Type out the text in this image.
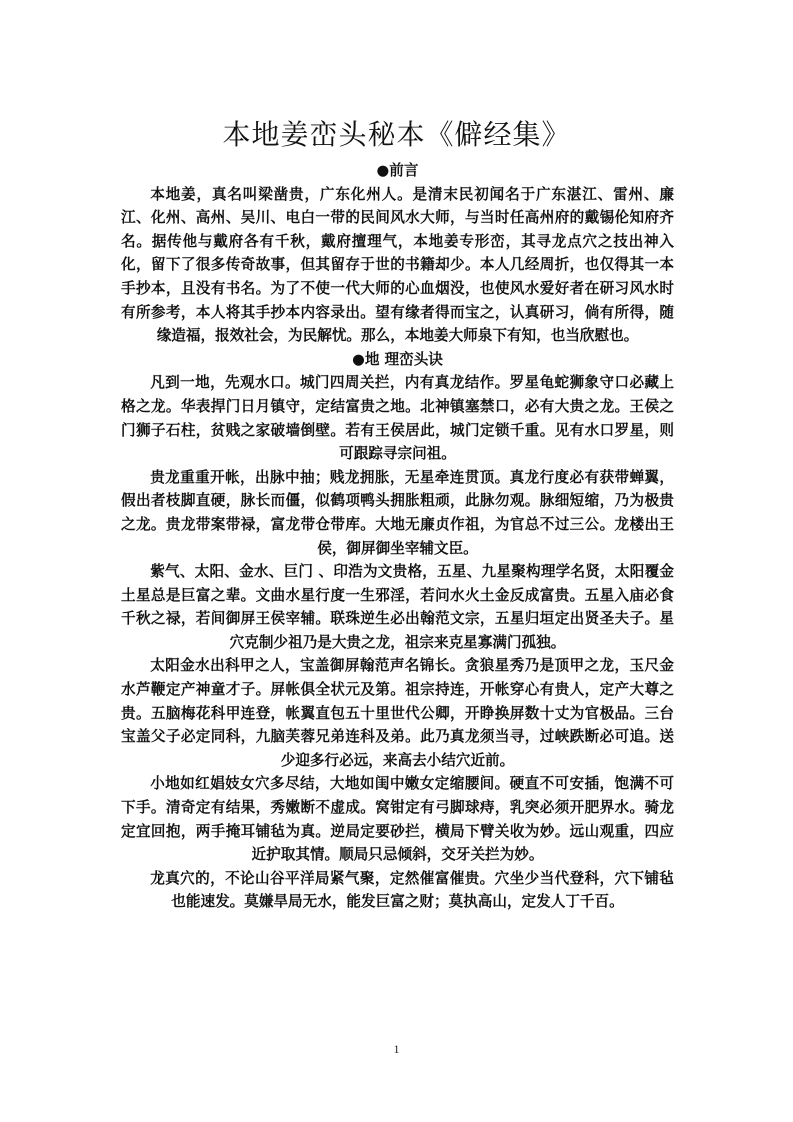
本地姜峦头秘本《僻经集》
●前言
本地姜，真名叫梁凿贵，广东化州人。是清末民初闻名于广东湛江、雷州、廉江、化州、高州、吴川、电白一带的民间风水大师，与当时任高州府的戴锡伦知府齐名。据传他与戴府各有千秋，戴府擅理气，本地姜专形峦，其寻龙点穴之技出神入化，留下了很多传奇故事，但其留存于世的书籍却少。本人几经周折，也仅得其一本手抄本，且没有书名。为了不使一代大师的心血烟没，也使风水爱好者在研习风水时有所参考，本人将其手抄本内容录出。望有缘者得而宝之，认真研习，倘有所得，随缘造福，报效社会，为民解忧。那么，本地姜大师泉下有知，也当欣慰也。
●地 理峦头诀
凡到一地，先观水口。城门四周关拦，内有真龙结作。罗星龟蛇狮象守口必藏上格之龙。华表捍门日月镇守，定结富贵之地。北神镇塞禁口，必有大贵之龙。王侯之门狮子石柱，贫贱之家破墙倒壁。若有王侯居此，城门定锁千重。见有水口罗星，则可跟踪寻宗问祖。
贵龙重重开帐，出脉中抽；贱龙拥胀，无星牵连贯顶。真龙行度必有获带蝉翼，假出者枝脚直硬，脉长而僵，似鹤项鸭头拥胀粗顽，此脉勿观。脉细短缩，乃为极贵之龙。贵龙带案带禄，富龙带仓带库。大地无廉贞作祖，为官总不过三公。龙楼出王侯，御屏御坐宰辅文臣。
紫气、太阳、金水、巨门 、印浩为文贵格，五星、九星聚构理学名贤，太阳覆金土星总是巨富之辈。文曲水星行度一生邪淫，若问水火土金反成富贵。五星入庙必食千秋之禄，若间御屏王侯宰辅。联珠逆生必出翰范文宗，五星归垣定出贤圣夫子。星穴克制少祖乃是大贵之龙，祖宗来克星寡满门孤独。
太阳金水出科甲之人，宝盖御屏翰范声名锦长。贪狼星秀乃是顶甲之龙，玉尺金水芦鞭定产神童才子。屏帐俱全状元及第。祖宗持连，开帐穿心有贵人，定产大尊之贵。五脑梅花科甲连登，帐翼直包五十里世代公卿，开睁换屏数十丈为官极品。三台宝盖父子必定同科，九脑芙蓉兄弟连科及弟。此乃真龙须当寻，过峡跌断必可追。送少迎多行必远，来高去小结穴近前。
小地如红娼妓女穴多尽结，大地如闺中嫩女定缩腰间。硬直不可安插，饱满不可下手。清奇定有结果，秀嫩断不虚成。窝钳定有弓脚球痔，乳突必须开肥界水。骑龙定宜回抱，两手掩耳铺毡为真。逆局定要砂拦，横局下臂关收为妙。远山观重，四应近护取其情。顺局只忌倾斜，交牙关拦为妙。
龙真穴的，不论山谷平洋局紧气聚，定然催富催贵。穴坐少当代登科，穴下铺毡也能速发。莫嫌旱局无水，能发巨富之财；莫执高山，定发人丁千百。
1
